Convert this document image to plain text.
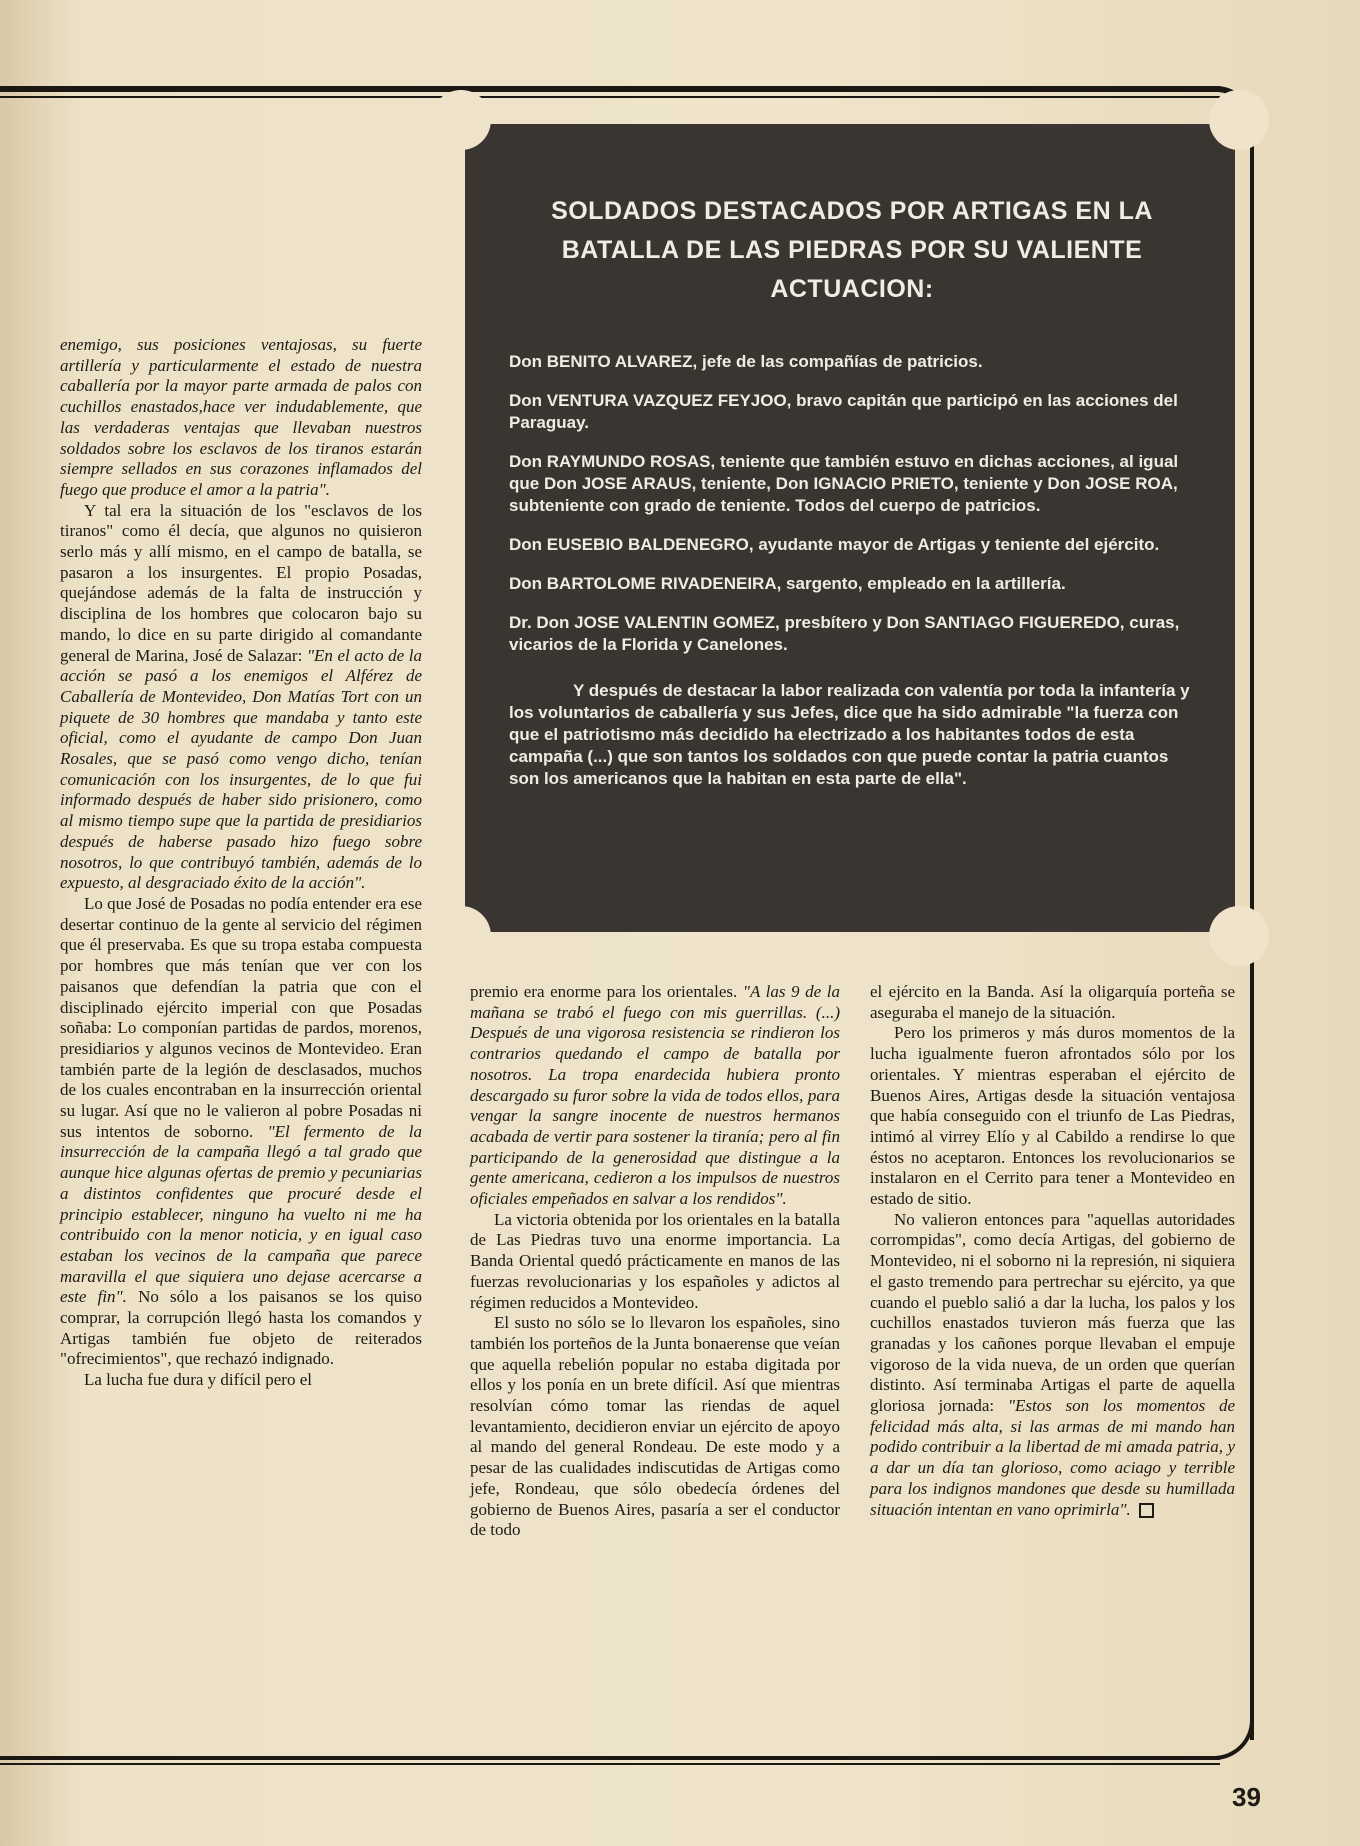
SOLDADOS DESTACADOS POR ARTIGAS EN LA BATALLA DE LAS PIEDRAS POR SU VALIENTE ACTUACION:

Don BENITO ALVAREZ, jefe de las compañías de patricios.

Don VENTURA VAZQUEZ FEYJOO, bravo capitán que participó en las acciones del Paraguay.

Don RAYMUNDO ROSAS, teniente que también estuvo en dichas acciones, al igual que Don JOSE ARAUS, teniente, Don IGNACIO PRIETO, teniente y Don JOSE ROA, subteniente con grado de teniente. Todos del cuerpo de patricios.

Don EUSEBIO BALDENEGRO, ayudante mayor de Artigas y teniente del ejército.

Don BARTOLOME RIVADENEIRA, sargento, empleado en la artillería.

Dr. Don JOSE VALENTIN GOMEZ, presbítero y Don SANTIAGO FIGUEREDO, curas, vicarios de la Florida y Canelones.

Y después de destacar la labor realizada con valentía por toda la infantería y los voluntarios de caballería y sus Jefes, dice que ha sido admirable "la fuerza con que el patriotismo más decidido ha electrizado a los habitantes todos de esta campaña (...) que son tantos los soldados con que puede contar la patria cuantos son los americanos que la habitan en esta parte de ella".

enemigo, sus posiciones ventajosas, su fuerte artillería y particularmente el estado de nuestra caballería por la mayor parte armada de palos con cuchillos enastados,hace ver indudablemente, que las verdaderas ventajas que llevaban nuestros soldados sobre los esclavos de los tiranos estarán siempre sellados en sus corazones inflamados del fuego que produce el amor a la patria".

Y tal era la situación de los "esclavos de los tiranos" como él decía, que algunos no quisieron serlo más y allí mismo, en el campo de batalla, se pasaron a los insurgentes. El propio Posadas, quejándose además de la falta de instrucción y disciplina de los hombres que colocaron bajo su mando, lo dice en su parte dirigido al comandante general de Marina, José de Salazar: "En el acto de la acción se pasó a los enemigos el Alférez de Caballería de Montevideo, Don Matías Tort con un piquete de 30 hombres que mandaba y tanto este oficial, como el ayudante de campo Don Juan Rosales, que se pasó como vengo dicho, tenían comunicación con los insurgentes, de lo que fui informado después de haber sido prisionero, como al mismo tiempo supe que la partida de presidiarios después de haberse pasado hizo fuego sobre nosotros, lo que contribuyó también, además de lo expuesto, al desgraciado éxito de la acción".

Lo que José de Posadas no podía entender era ese desertar continuo de la gente al servicio del régimen que él preservaba. Es que su tropa estaba compuesta por hombres que más tenían que ver con los paisanos que defendían la patria que con el disciplinado ejército imperial con que Posadas soñaba: Lo componían partidas de pardos, morenos, presidiarios y algunos vecinos de Montevideo. Eran también parte de la legión de desclasados, muchos de los cuales encontraban en la insurrección oriental su lugar. Así que no le valieron al pobre Posadas ni sus intentos de soborno. "El fermento de la insurrección de la campaña llegó a tal grado que aunque hice algunas ofertas de premio y pecuniarias a distintos confidentes que procuré desde el principio establecer, ninguno ha vuelto ni me ha contribuido con la menor noticia, y en igual caso estaban los vecinos de la campaña que parece maravilla el que siquiera uno dejase acercarse a este fin". No sólo a los paisanos se los quiso comprar, la corrupción llegó hasta los comandos y Artigas también fue objeto de reiterados "ofrecimientos", que rechazó indignado.

La lucha fue dura y difícil pero el

premio era enorme para los orientales. "A las 9 de la mañana se trabó el fuego con mis guerrillas. (...) Después de una vigorosa resistencia se rindieron los contrarios quedando el campo de batalla por nosotros. La tropa enardecida hubiera pronto descargado su furor sobre la vida de todos ellos, para vengar la sangre inocente de nuestros hermanos acabada de vertir para sostener la tiranía; pero al fin participando de la generosidad que distingue a la gente americana, cedieron a los impulsos de nuestros oficiales empeñados en salvar a los rendidos".

La victoria obtenida por los orientales en la batalla de Las Piedras tuvo una enorme importancia. La Banda Oriental quedó prácticamente en manos de las fuerzas revolucionarias y los españoles y adictos al régimen reducidos a Montevideo.

El susto no sólo se lo llevaron los españoles, sino también los porteños de la Junta bonaerense que veían que aquella rebelión popular no estaba digitada por ellos y los ponía en un brete difícil. Así que mientras resolvían cómo tomar las riendas de aquel levantamiento, decidieron enviar un ejército de apoyo al mando del general Rondeau. De este modo y a pesar de las cualidades indiscutidas de Artigas como jefe, Rondeau, que sólo obedecía órdenes del gobierno de Buenos Aires, pasaría a ser el conductor de todo

el ejército en la Banda. Así la oligarquía porteña se aseguraba el manejo de la situación.

Pero los primeros y más duros momentos de la lucha igualmente fueron afrontados sólo por los orientales. Y mientras esperaban el ejército de Buenos Aires, Artigas desde la situación ventajosa que había conseguido con el triunfo de Las Piedras, intimó al virrey Elío y al Cabildo a rendirse lo que éstos no aceptaron. Entonces los revolucionarios se instalaron en el Cerrito para tener a Montevideo en estado de sitio.

No valieron entonces para "aquellas autoridades corrompidas", como decía Artigas, del gobierno de Montevideo, ni el soborno ni la represión, ni siquiera el gasto tremendo para pertrechar su ejército, ya que cuando el pueblo salió a dar la lucha, los palos y los cuchillos enastados tuvieron más fuerza que las granadas y los cañones porque llevaban el empuje vigoroso de la vida nueva, de un orden que querían distinto. Así terminaba Artigas el parte de aquella gloriosa jornada: "Estos son los momentos de felicidad más alta, si las armas de mi mando han podido contribuir a la libertad de mi amada patria, y a dar un día tan glorioso, como aciago y terrible para los indignos mandones que desde su humillada situación intentan en vano oprimirla".

39
